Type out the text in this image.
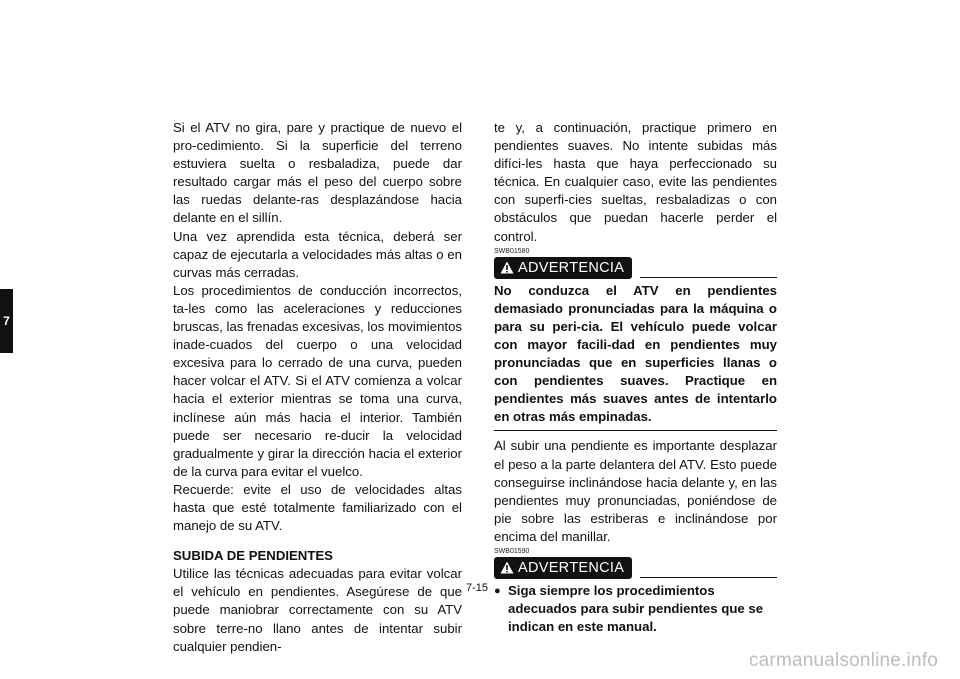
7

Si el ATV no gira, pare y practique de nuevo el pro-cedimiento. Si la superficie del terreno estuviera suelta o resbaladiza, puede dar resultado cargar más el peso del cuerpo sobre las ruedas delante-ras desplazándose hacia delante en el sillín.

Una vez aprendida esta técnica, deberá ser capaz de ejecutarla a velocidades más altas o en curvas más cerradas.

Los procedimientos de conducción incorrectos, ta-les como las aceleraciones y reducciones bruscas, las frenadas excesivas, los movimientos inade-cuados del cuerpo o una velocidad excesiva para lo cerrado de una curva, pueden hacer volcar el ATV. Si el ATV comienza a volcar hacia el exterior mientras se toma una curva, inclínese aún más hacia el interior. También puede ser necesario re-ducir la velocidad gradualmente y girar la dirección hacia el exterior de la curva para evitar el vuelco.

Recuerde: evite el uso de velocidades altas hasta que esté totalmente familiarizado con el manejo de su ATV.

SUBIDA DE PENDIENTES

Utilice las técnicas adecuadas para evitar volcar el vehículo en pendientes. Asegúrese de que puede maniobrar correctamente con su ATV sobre terre-no llano antes de intentar subir cualquier pendien-

te y, a continuación, practique primero en pendientes suaves. No intente subidas más difíci-les hasta que haya perfeccionado su técnica. En cualquier caso, evite las pendientes con superfi-cies sueltas, resbaladizas o con obstáculos que puedan hacerle perder el control.

SWB01580
ADVERTENCIA

No conduzca el ATV en pendientes demasiado pronunciadas para la máquina o para su peri-cia. El vehículo puede volcar con mayor facili-dad en pendientes muy pronunciadas que en superficies llanas o con pendientes suaves. Practique en pendientes más suaves antes de intentarlo en otras más empinadas.

Al subir una pendiente es importante desplazar el peso a la parte delantera del ATV. Esto puede conseguirse inclinándose hacia delante y, en las pendientes muy pronunciadas, poniéndose de pie sobre las estriberas e inclinándose por encima del manillar.

SWB01590
ADVERTENCIA
● Siga siempre los procedimientos adecuados para subir pendientes que se indican en este manual.
7-15
carmanualsonline.info
